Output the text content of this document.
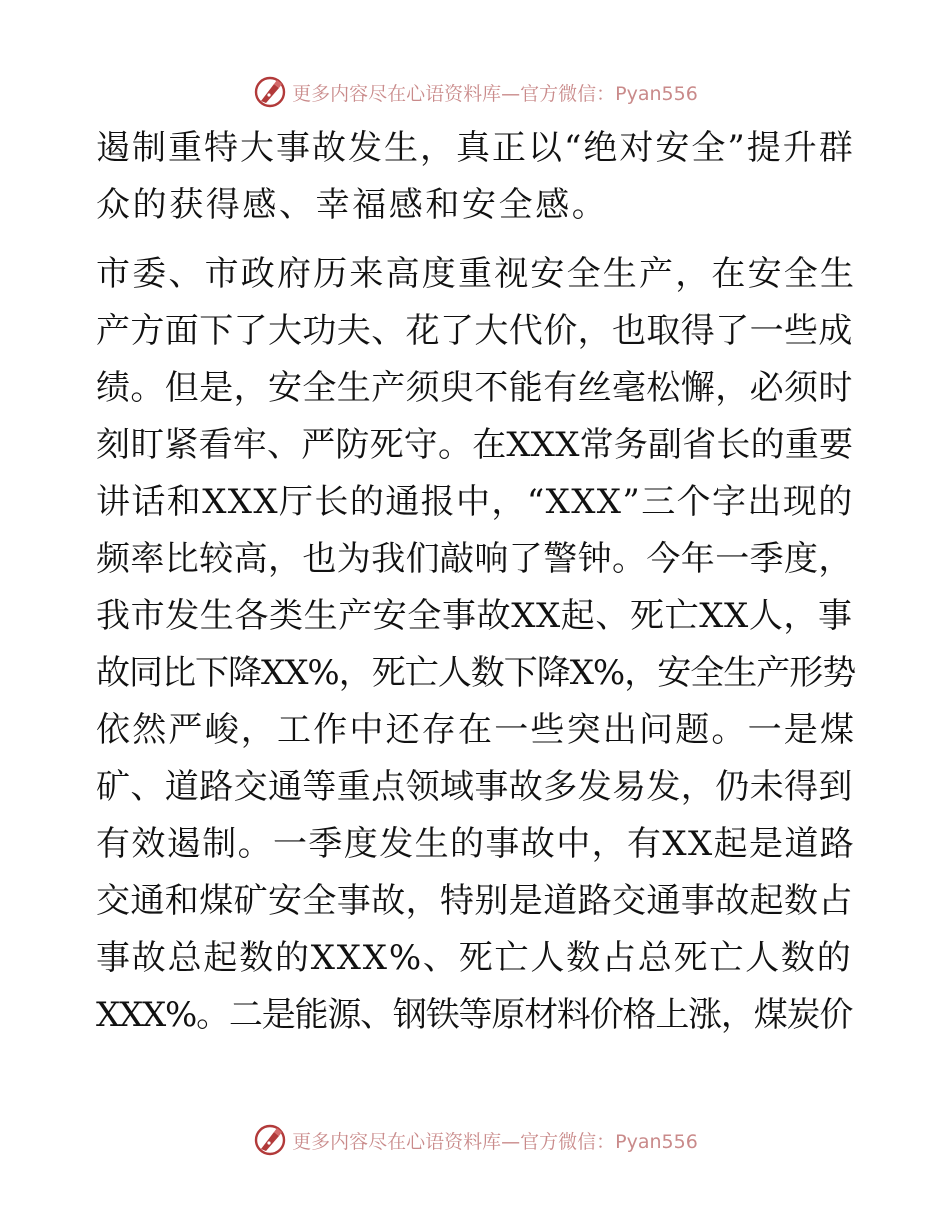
更多内容尽在心语资料库—官方微信：Pyan556
遏制重特大事故发生，真正以“绝对安全”提升群
众的获得感、幸福感和安全感。
市委、市政府历来高度重视安全生产，在安全生
产方面下了大功夫、花了大代价，也取得了一些成
绩。但是，安全生产须臾不能有丝毫松懈，必须时
刻盯紧看牢、严防死守。在XXX常务副省长的重要
讲话和XXX厅长的通报中，“XXX”三个字出现的
频率比较高，也为我们敲响了警钟。今年一季度，
我市发生各类生产安全事故XX起、死亡XX人，事
故同比下降XX%，死亡人数下降X%，安全生产形势
依然严峻，工作中还存在一些突出问题。一是煤
矿、道路交通等重点领域事故多发易发，仍未得到
有效遏制。一季度发生的事故中，有XX起是道路
交通和煤矿安全事故，特别是道路交通事故起数占
事故总起数的XXX%、死亡人数占总死亡人数的
XXX%。二是能源、钢铁等原材料价格上涨，煤炭价
更多内容尽在心语资料库—官方微信：Pyan556
